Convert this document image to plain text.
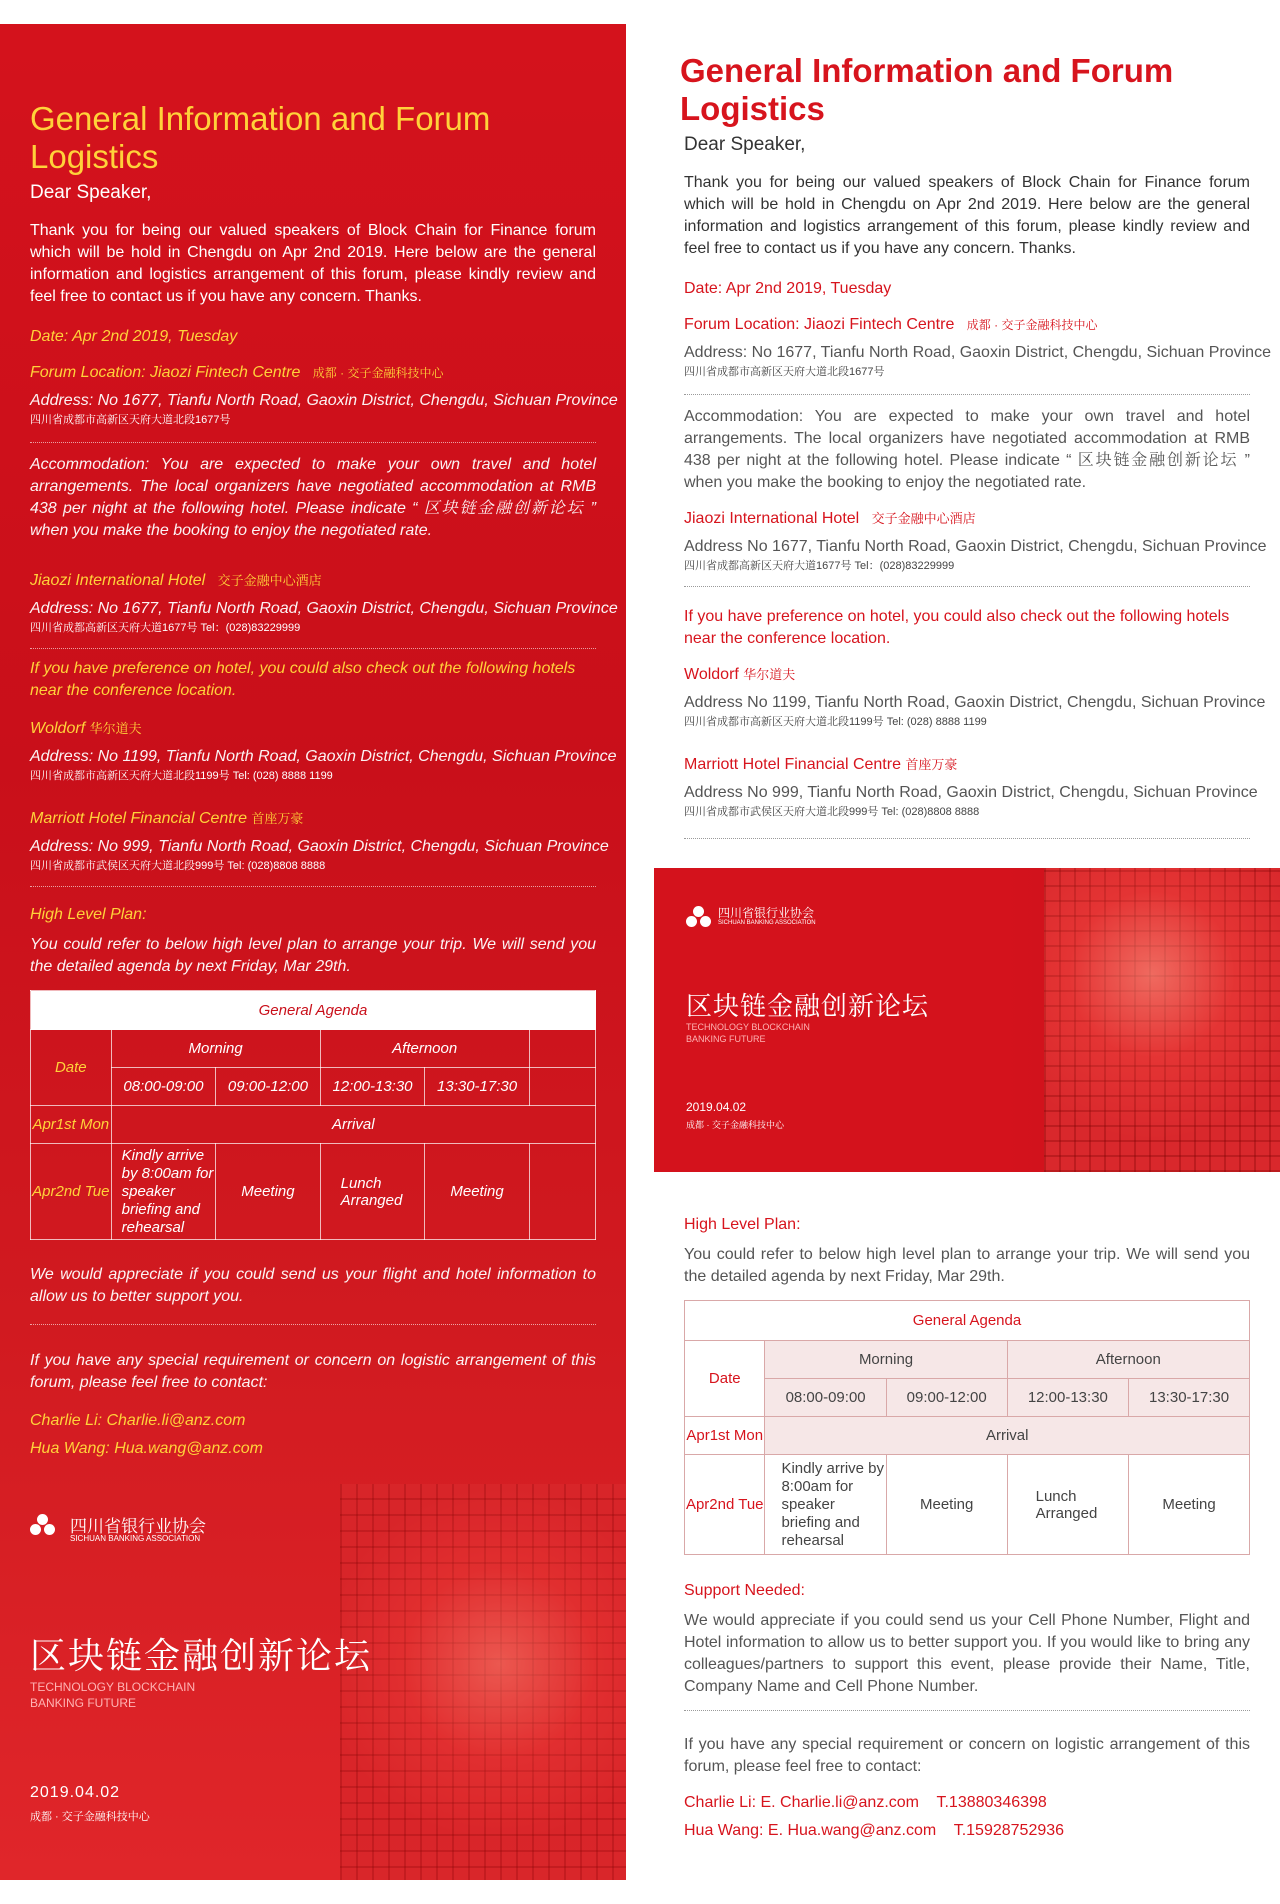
General Information and Forum Logistics
Dear Speaker,
Thank you for being our valued speakers of Block Chain for Finance forum which will be hold in Chengdu on Apr 2nd 2019. Here below are the general information and logistics arrangement of this forum, please kindly review and feel free to contact us if you have any concern. Thanks.
Date: Apr 2nd 2019, Tuesday
Forum Location: Jiaozi Fintech Centre 成都 · 交子金融科技中心
Address: No 1677, Tianfu North Road, Gaoxin District, Chengdu, Sichuan Province
四川省成都市高新区天府大道北段1677号
Accommodation: You are expected to make your own travel and hotel arrangements. The local organizers have negotiated accommodation at RMB 438 per night at the following hotel. Please indicate “ 区块链金融创新论坛 ” when you make the booking to enjoy the negotiated rate.
Jiaozi International Hotel 交子金融中心酒店
Address: No 1677, Tianfu North Road, Gaoxin District, Chengdu, Sichuan Province
四川省成都高新区天府大道1677号 Tel：(028)83229999
If you have preference on hotel, you could also check out the following hotels near the conference location.
Woldorf 华尔道夫
Address: No 1199, Tianfu North Road, Gaoxin District, Chengdu, Sichuan Province
四川省成都市高新区天府大道北段1199号 Tel: (028) 8888 1199
Marriott Hotel Financial Centre 首座万豪
Address: No 999, Tianfu North Road, Gaoxin District, Chengdu, Sichuan Province
四川省成都市武侯区天府大道北段999号 Tel: (028)8808 8888
High Level Plan:
You could refer to below high level plan to arrange your trip. We will send you the detailed agenda by next Friday, Mar 29th.
We would appreciate if you could send us your flight and hotel information to allow us to better support you.
If you have any special requirement or concern on logistic arrangement of this forum, please feel free to contact:
Charlie Li: Charlie.li@anz.com
Hua Wang: Hua.wang@anz.com
四川省银行业协会
SICHUAN BANKING ASSOCIATION
区块链金融创新论坛
TECHNOLOGY BLOCKCHAIN
BANKING FUTURE
2019.04.02
成都 · 交子金融科技中心
General Agenda					
Date	Morning		Afternoon		
	08:00-09:00	09:00-12:00	12:00-13:30	13:30-17:30	
Apr1st Mon	Arrival				
Apr2nd Tue	Kindly arrive by 8:00am for speaker briefing and rehearsal	Meeting	Lunch Arranged	Meeting	
General Information and Forum Logistics
Dear Speaker,
Thank you for being our valued speakers of Block Chain for Finance forum which will be hold in Chengdu on Apr 2nd 2019. Here below are the general information and logistics arrangement of this forum, please kindly review and feel free to contact us if you have any concern. Thanks.
Date: Apr 2nd 2019, Tuesday
Forum Location: Jiaozi Fintech Centre 成都 · 交子金融科技中心
Address: No 1677, Tianfu North Road, Gaoxin District, Chengdu, Sichuan Province
四川省成都市高新区天府大道北段1677号
Accommodation: You are expected to make your own travel and hotel arrangements. The local organizers have negotiated accommodation at RMB 438 per night at the following hotel. Please indicate “ 区块链金融创新论坛 ” when you make the booking to enjoy the negotiated rate.
Jiaozi International Hotel 交子金融中心酒店
Address No 1677, Tianfu North Road, Gaoxin District, Chengdu, Sichuan Province
四川省成都高新区天府大道1677号 Tel：(028)83229999
If you have preference on hotel, you could also check out the following hotels near the conference location.
Woldorf 华尔道夫
Address No 1199, Tianfu North Road, Gaoxin District, Chengdu, Sichuan Province
四川省成都市高新区天府大道北段1199号 Tel: (028) 8888 1199
Marriott Hotel Financial Centre 首座万豪
Address No 999, Tianfu North Road, Gaoxin District, Chengdu, Sichuan Province
四川省成都市武侯区天府大道北段999号 Tel: (028)8808 8888
四川省银行业协会
SICHUAN BANKING ASSOCIATION
区块链金融创新论坛
TECHNOLOGY BLOCKCHAIN
BANKING FUTURE
2019.04.02
成都 · 交子金融科技中心
High Level Plan:
You could refer to below high level plan to arrange your trip. We will send you the detailed agenda by next Friday, Mar 29th.
General Agenda				
Date	Morning		Afternoon
	08:00-09:00	09:00-12:00	12:00-13:30	13:30-17:30
Apr1st Mon	Arrival			
Apr2nd Tue	Kindly arrive by 8:00am for speaker briefing and rehearsal	Meeting	Lunch Arranged	Meeting
Support Needed:
We would appreciate if you could send us your Cell Phone Number, Flight and Hotel information to allow us to better support you. If you would like to bring any colleagues/partners to support this event, please provide their Name, Title, Company Name and Cell Phone Number.
If you have any special requirement or concern on logistic arrangement of this forum, please feel free to contact:
Charlie Li: E. Charlie.li@anz.com    T.13880346398
Hua Wang: E. Hua.wang@anz.com    T.15928752936
